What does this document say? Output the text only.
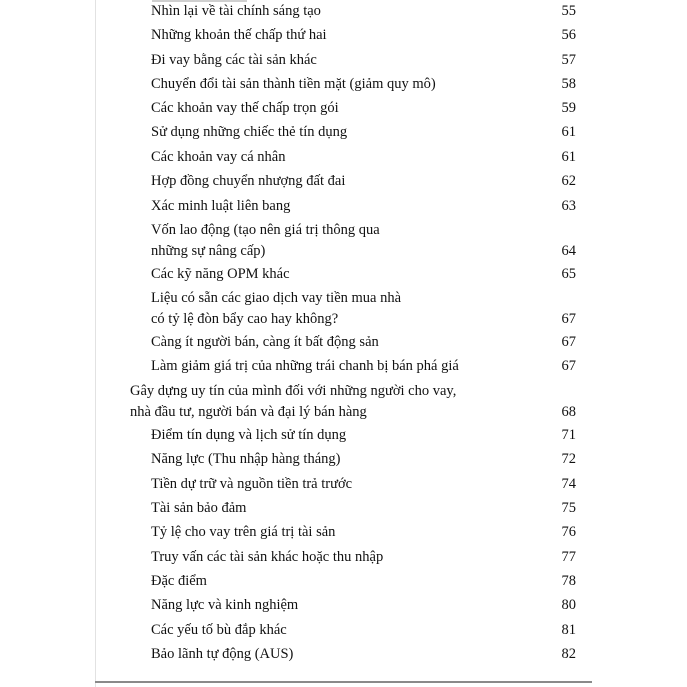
Nhìn lại về tài chính sáng tạo	55
Những khoản thế chấp thứ hai	56
Đi vay bằng các tài sản khác	57
Chuyển đổi tài sản thành tiền mặt (giảm quy mô)	58
Các khoản vay thế chấp trọn gói	59
Sử dụng những chiếc thẻ tín dụng	61
Các khoản vay cá nhân	61
Hợp đồng chuyển nhượng đất đai	62
Xác minh luật liên bang	63
Vốn lao động (tạo nên giá trị thông qua
những sự nâng cấp)	64
Các kỹ năng OPM khác	65
Liệu có sẵn các giao dịch vay tiền mua nhà
có tỷ lệ đòn bẩy cao hay không?	67
Càng ít người bán, càng ít bất động sản	67
Làm giảm giá trị của những trái chanh bị bán phá giá	67
Gây dựng uy tín của mình đối với những người cho vay,
nhà đầu tư, người bán và đại lý bán hàng	68
Điểm tín dụng và lịch sử tín dụng	71
Năng lực (Thu nhập hàng tháng)	72
Tiền dự trữ và nguồn tiền trả trước	74
Tài sản bảo đảm	75
Tỷ lệ cho vay trên giá trị tài sản	76
Truy vấn các tài sản khác hoặc thu nhập	77
Đặc điểm	78
Năng lực và kinh nghiệm	80
Các yếu tố bù đắp khác	81
Bảo lãnh tự động (AUS)	82
